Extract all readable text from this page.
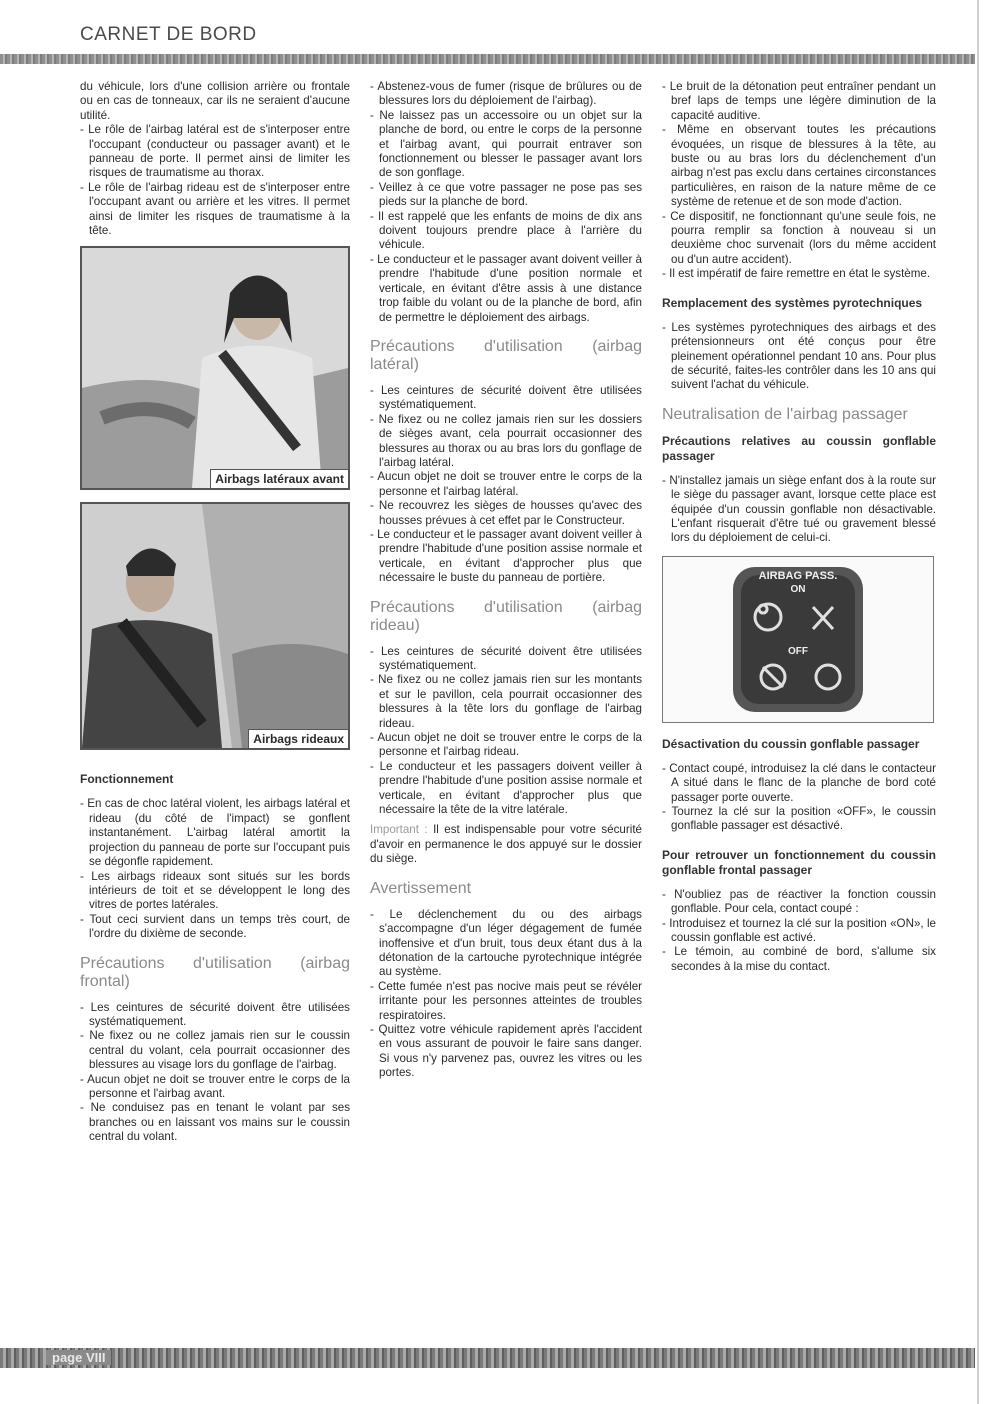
CARNET DE BORD

du véhicule, lors d'une collision arrière ou frontale ou en cas de tonneaux, car ils ne seraient d'aucune utilité.

- Le rôle de l'airbag latéral est de s'interposer entre l'occupant (conducteur ou passager avant) et le panneau de porte. Il permet ainsi de limiter les risques de traumatisme au thorax.
- Le rôle de l'airbag rideau est de s'interposer entre l'occupant avant ou arrière et les vitres. Il permet ainsi de limiter les risques de traumatisme à la tête.
Airbags latéraux avant
Airbags rideaux
Fonctionnement
- En cas de choc latéral violent, les airbags latéral et rideau (du côté de l'impact) se gonflent instantanément. L'airbag latéral amortit la projection du panneau de porte sur l'occupant puis se dégonfle rapidement.
- Les airbags rideaux sont situés sur les bords intérieurs de toit et se développent le long des vitres de portes latérales.
- Tout ceci survient dans un temps très court, de l'ordre du dixième de seconde.
Précautions d'utilisation (airbag frontal)
- Les ceintures de sécurité doivent être utilisées systématiquement.
- Ne fixez ou ne collez jamais rien sur le coussin central du volant, cela pourrait occasionner des blessures au visage lors du gonflage de l'airbag.
- Aucun objet ne doit se trouver entre le corps de la personne et l'airbag avant.
- Ne conduisez pas en tenant le volant par ses branches ou en laissant vos mains sur le coussin central du volant.
- Abstenez-vous de fumer (risque de brûlures ou de blessures lors du déploiement de l'airbag).
- Ne laissez pas un accessoire ou un objet sur la planche de bord, ou entre le corps de la personne et l'airbag avant, qui pourrait entraver son fonctionnement ou blesser le passager avant lors de son gonflage.
- Veillez à ce que votre passager ne pose pas ses pieds sur la planche de bord.
- Il est rappelé que les enfants de moins de dix ans doivent toujours prendre place à l'arrière du véhicule.
- Le conducteur et le passager avant doivent veiller à prendre l'habitude d'une position normale et verticale, en évitant d'être assis à une distance trop faible du volant ou de la planche de bord, afin de permettre le déploiement des airbags.
Précautions d'utilisation (airbag latéral)
- Les ceintures de sécurité doivent être utilisées systématiquement.
- Ne fixez ou ne collez jamais rien sur les dossiers de sièges avant, cela pourrait occasionner des blessures au thorax ou au bras lors du gonflage de l'airbag latéral.
- Aucun objet ne doit se trouver entre le corps de la personne et l'airbag latéral.
- Ne recouvrez les sièges de housses qu'avec des housses prévues à cet effet par le Constructeur.
- Le conducteur et le passager avant doivent veiller à prendre l'habitude d'une position assise normale et verticale, en évitant d'approcher plus que nécessaire le buste du panneau de portière.
Précautions d'utilisation (airbag rideau)
- Les ceintures de sécurité doivent être utilisées systématiquement.
- Ne fixez ou ne collez jamais rien sur les montants et sur le pavillon, cela pourrait occasionner des blessures à la tête lors du gonflage de l'airbag rideau.
- Aucun objet ne doit se trouver entre le corps de la personne et l'airbag rideau.
- Le conducteur et les passagers doivent veiller à prendre l'habitude d'une position assise normale et verticale, en évitant d'approcher plus que nécessaire la tête de la vitre latérale.

Important : Il est indispensable pour votre sécurité d'avoir en permanence le dos appuyé sur le dossier du siège.

Avertissement
- Le déclenchement du ou des airbags s'accompagne d'un léger dégagement de fumée inoffensive et d'un bruit, tous deux étant dus à la détonation de la cartouche pyrotechnique intégrée au système.
- Cette fumée n'est pas nocive mais peut se révéler irritante pour les personnes atteintes de troubles respiratoires.
- Quittez votre véhicule rapidement après l'accident en vous assurant de pouvoir le faire sans danger. Si vous n'y parvenez pas, ouvrez les vitres ou les portes.
- Le bruit de la détonation peut entraîner pendant un bref laps de temps une légère diminution de la capacité auditive.
- Même en observant toutes les précautions évoquées, un risque de blessures à la tête, au buste ou au bras lors du déclenchement d'un airbag n'est pas exclu dans certaines circonstances particulières, en raison de la nature même de ce système de retenue et de son mode d'action.
- Ce dispositif, ne fonctionnant qu'une seule fois, ne pourra remplir sa fonction à nouveau si un deuxième choc survenait (lors du même accident ou d'un autre accident).
- Il est impératif de faire remettre en état le système.
Remplacement des systèmes pyrotechniques
- Les systèmes pyrotechniques des airbags et des prétensionneurs ont été conçus pour être pleinement opérationnel pendant 10 ans. Pour plus de sécurité, faites-les contrôler dans les 10 ans qui suivent l'achat du véhicule.
Neutralisation de l'airbag passager
Précautions relatives au coussin gonflable passager
- N'installez jamais un siège enfant dos à la route sur le siège du passager avant, lorsque cette place est équipée d'un coussin gonflable non désactivable. L'enfant risquerait d'être tué ou gravement blessé lors du déploiement de celui-ci.
AIRBAG PASS.
ON
OFF
Désactivation du coussin gonflable passager
- Contact coupé, introduisez la clé dans le contacteur A situé dans le flanc de la planche de bord coté passager porte ouverte.
- Tournez la clé sur la position «OFF», le coussin gonflable passager est désactivé.
Pour retrouver un fonctionnement du coussin gonflable frontal passager
- N'oubliez pas de réactiver la fonction coussin gonflable. Pour cela, contact coupé :
- Introduisez et tournez la clé sur la position «ON», le coussin gonflable est activé.
- Le témoin, au combiné de bord, s'allume six secondes à la mise du contact.
page VIII
